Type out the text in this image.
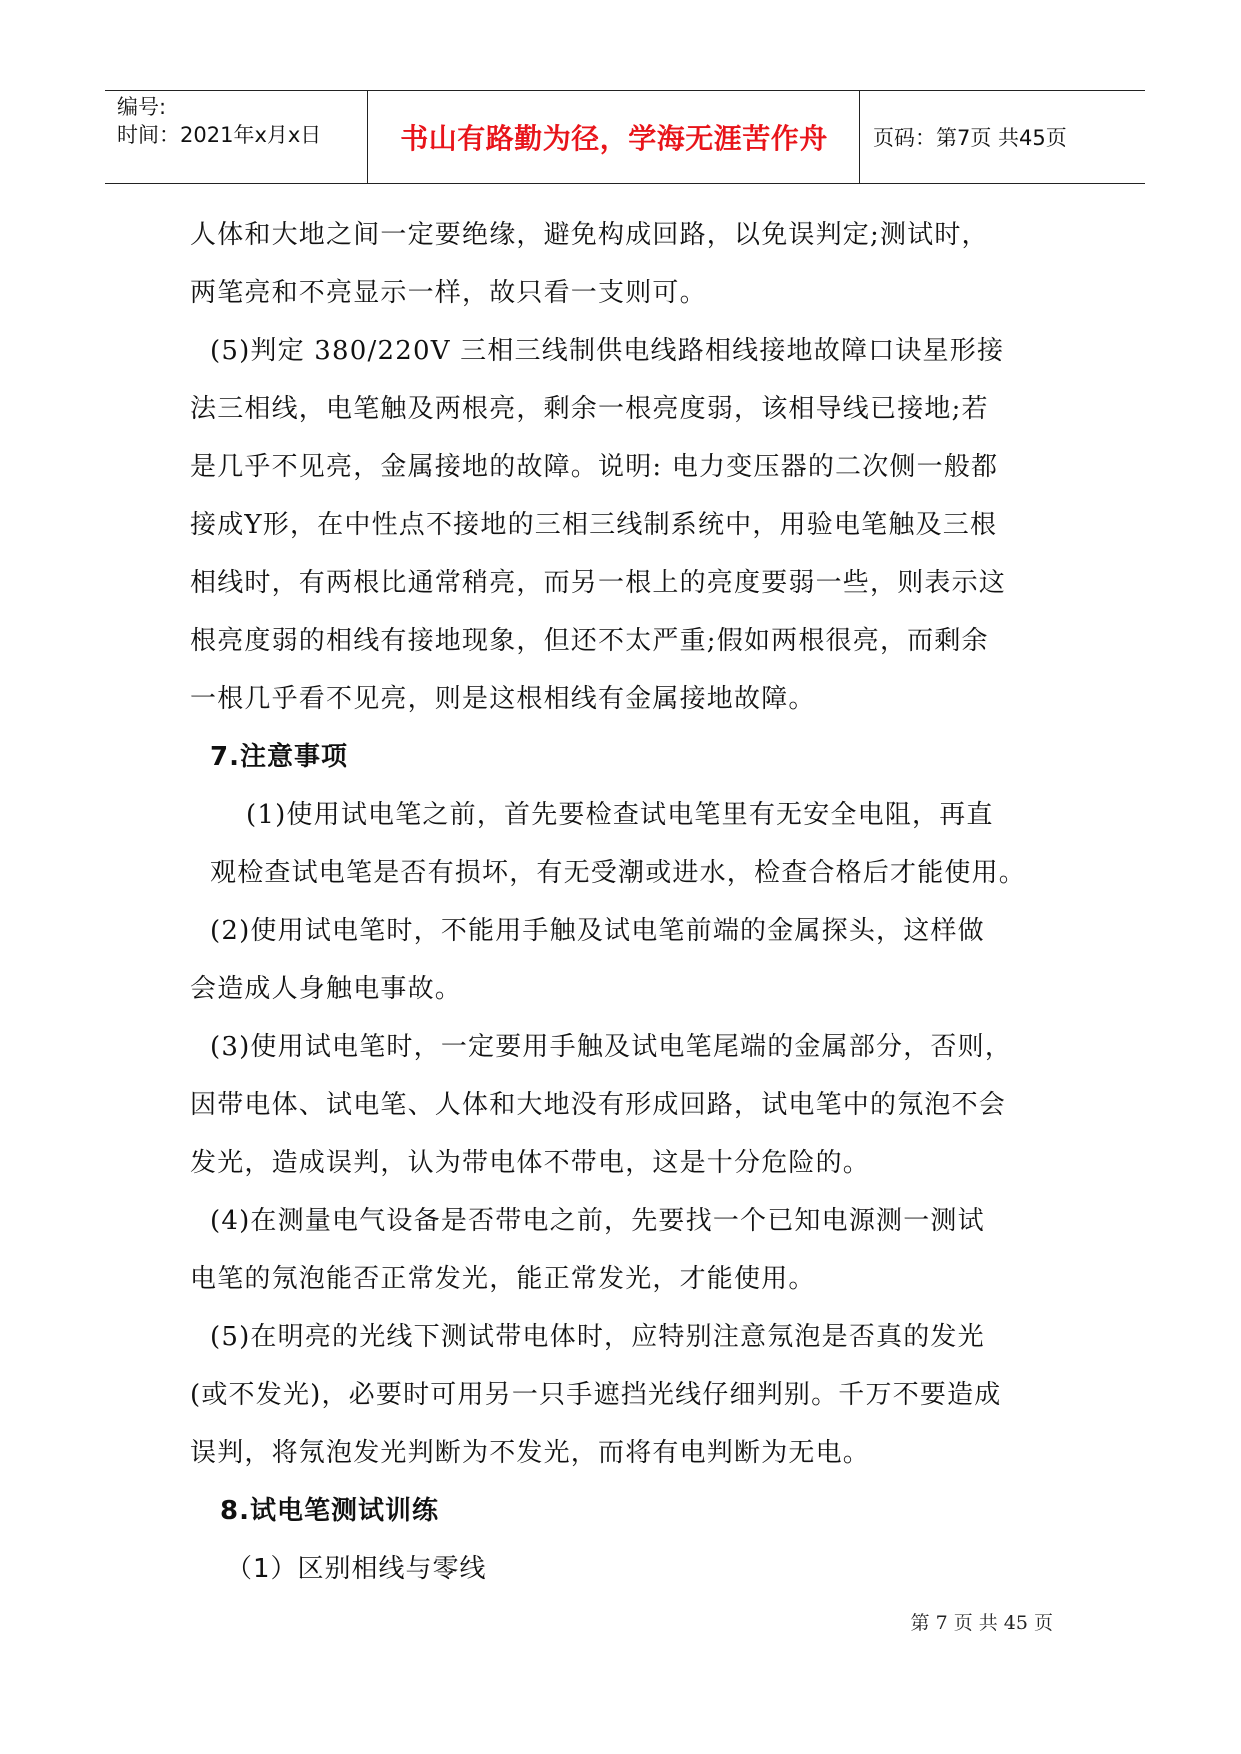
编号:
时间：2021年x月x日	书山有路勤为径，学海无涯苦作舟	页码：第7页 共45页
人体和大地之间一定要绝缘，避免构成回路，以免误判定;测试时，
两笔亮和不亮显示一样，故只看一支则可。
(5)判定 380/220V 三相三线制供电线路相线接地故障口诀星形接
法三相线，电笔触及两根亮，剩余一根亮度弱，该相导线已接地;若
是几乎不见亮，金属接地的故障。说明: 电力变压器的二次侧一般都
接成Y形，在中性点不接地的三相三线制系统中，用验电笔触及三根
相线时，有两根比通常稍亮，而另一根上的亮度要弱一些，则表示这
根亮度弱的相线有接地现象，但还不太严重;假如两根很亮，而剩余
一根几乎看不见亮，则是这根相线有金属接地故障。
7.注意事项
(1)使用试电笔之前，首先要检查试电笔里有无安全电阻，再直
观检查试电笔是否有损坏，有无受潮或进水，检查合格后才能使用。
(2)使用试电笔时，不能用手触及试电笔前端的金属探头，这样做
会造成人身触电事故。
(3)使用试电笔时，一定要用手触及试电笔尾端的金属部分，否则，
因带电体、试电笔、人体和大地没有形成回路，试电笔中的氖泡不会
发光，造成误判，认为带电体不带电，这是十分危险的。
(4)在测量电气设备是否带电之前，先要找一个已知电源测一测试
电笔的氖泡能否正常发光，能正常发光，才能使用。
(5)在明亮的光线下测试带电体时，应特别注意氖泡是否真的发光
(或不发光)，必要时可用另一只手遮挡光线仔细判别。千万不要造成
误判，将氖泡发光判断为不发光，而将有电判断为无电。
8.试电笔测试训练
（1）区别相线与零线
第 7 页 共 45 页
